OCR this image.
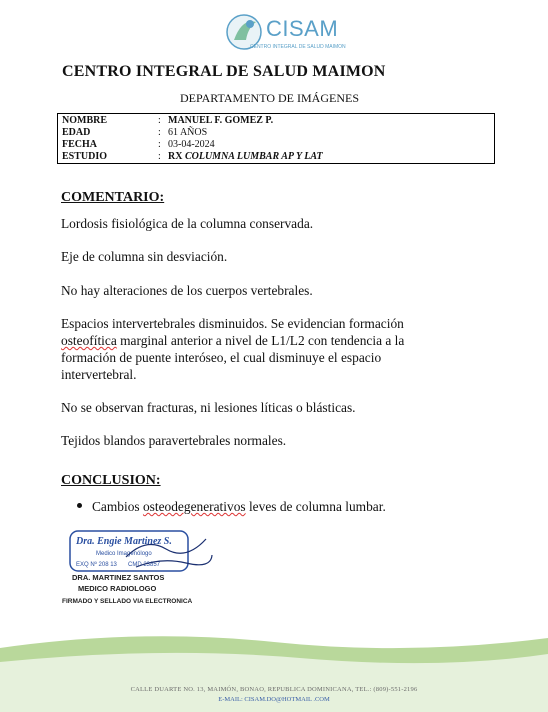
CISAM
CENTRO INTEGRAL DE SALUD MAIMON
CENTRO INTEGRAL DE SALUD MAIMON
DEPARTAMENTO DE IMÁGENES
NOMBRE	: MANUEL F. GOMEZ P.
EDAD	: 61 AÑOS
FECHA	: 03-04-2024
ESTUDIO	: RX COLUMNA LUMBAR AP Y LAT
COMENTARIO:
Lordosis fisiológica de la columna conservada.
Eje de columna sin desviación.
No hay alteraciones de los cuerpos vertebrales.
Espacios intervertebrales disminuidos. Se evidencian formación osteofítica marginal anterior a nivel de L1/L2 con tendencia a la formación de puente interóseo, el cual disminuye el espacio intervertebral.
No se observan fracturas, ni lesiones líticas o blásticas.
Tejidos blandos paravertebrales normales.
CONCLUSION:
Cambios osteodegenerativos leves de columna lumbar.
Dra. Engie Martinez S.
Medico Imagenólogo
EXQ Nº 208 13 CMD 23857
DRA. MARTINEZ SANTOS
MEDICO RADIOLOGO
FIRMADO Y SELLADO VIA ELECTRONICA
CALLE DUARTE NO. 13, MAIMÓN, BONAO, REPUBLICA DOMINICANA, TEL.: (809)-551-2196
E-MAIL: CISAM.DO@HOTMAIL .COM
